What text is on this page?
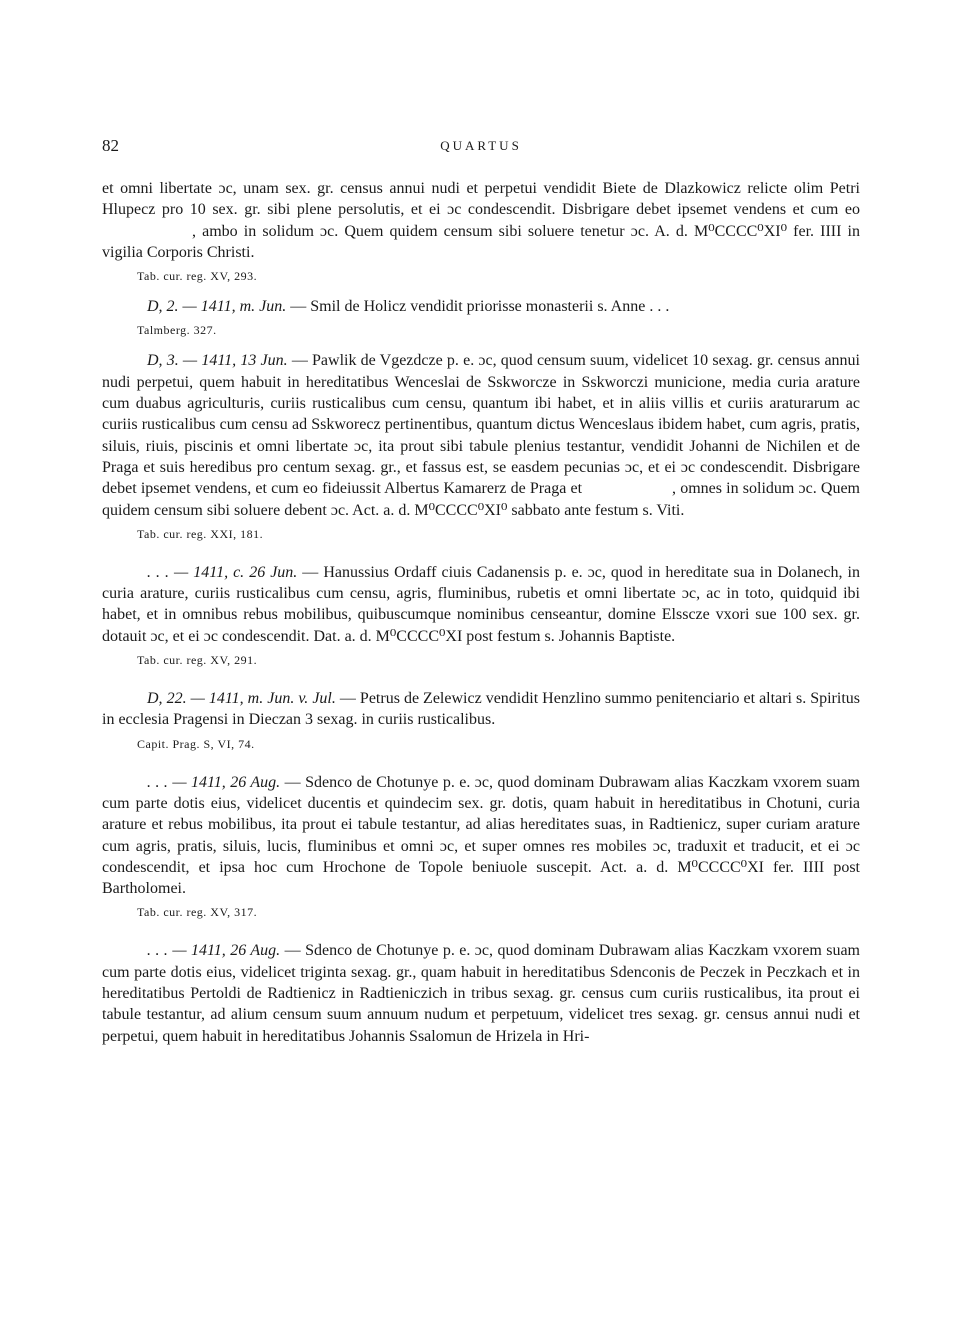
82	QUARTUS

et omni libertate ɔc, unam sex. gr. census annui nudi et perpetui vendidit Biete de Dlazkowicz relicte olim Petri Hlupecz pro 10 sex. gr. sibi plene persolutis, et ei ɔc condescendit. Disbrigare debet ipsemet vendens et cum eo, ambo in solidum ɔc. Quem quidem censum sibi soluere tenetur ɔc. A. d. M⁰CCCC⁰XI⁰ fer. IIII in vigilia Corporis Christi.

Tab. cur. reg. XV, 293.

D, 2. — 1411, m. Jun. — Smil de Holicz vendidit priorisse monasterii s. Anne . . .

Talmberg. 327.

D, 3. — 1411, 13 Jun. — Pawlik de Vgezdcze p. e. ɔc, quod censum suum, videlicet 10 sexag. gr. census annui nudi perpetui, quem habuit in hereditatibus Wenceslai de Sskworcze in Sskworczi municione, media curia arature cum duabus agriculturis, curiis rusticalibus cum censu, quantum ibi habet, et in aliis villis et curiis araturarum ac curiis rusticalibus cum censu ad Sskworecz pertinentibus, quantum dictus Wenceslaus ibidem habet, cum agris, pratis, siluis, riuis, piscinis et omni libertate ɔc, ita prout sibi tabule plenius testantur, vendidit Johanni de Nichilen et de Praga et suis heredibus pro centum sexag. gr., et fassus est, se easdem pecunias ɔc, et ei ɔc condescendit. Disbrigare debet ipsemet vendens, et cum eo fideiussit Albertus Kamarerz de Praga et	, omnes in solidum ɔc. Quem quidem censum sibi soluere debent ɔc. Act. a. d. M⁰CCCC⁰XI⁰ sabbato ante festum s. Viti.

Tab. cur. reg. XXI, 181.

. . . — 1411, c. 26 Jun. — Hanussius Ordaff ciuis Cadanensis p. e. ɔc, quod in hereditate sua in Dolanech, in curia arature, curiis rusticalibus cum censu, agris, fluminibus, rubetis et omni libertate ɔc, ac in toto, quidquid ibi habet, et in omnibus rebus mobilibus, quibuscumque nominibus censeantur, domine Elsscze vxori sue 100 sex. gr. dotauit ɔc, et ei ɔc condescendit. Dat. a. d. M⁰CCCC⁰XI post festum s. Johannis Baptiste.

Tab. cur. reg. XV, 291.

D, 22. — 1411, m. Jun. v. Jul. — Petrus de Zelewicz vendidit Henzlino summo penitenciario et altari s. Spiritus in ecclesia Pragensi in Dieczan 3 sexag. in curiis rusticalibus.

Capit. Prag. S, VI, 74.

. . . — 1411, 26 Aug. — Sdenco de Chotunye p. e. ɔc, quod dominam Dubrawam alias Kaczkam vxorem suam cum parte dotis eius, videlicet ducentis et quindecim sex. gr. dotis, quam habuit in hereditatibus in Chotuni, curia arature et rebus mobilibus, ita prout ei tabule testantur, ad alias hereditates suas, in Radtienicz, super curiam arature cum agris, pratis, siluis, lucis, fluminibus et omni ɔc, et super omnes res mobiles ɔc, traduxit et traducit, et ei ɔc condescendit, et ipsa hoc cum Hrochone de Topole beniuole suscepit. Act. a. d. M⁰CCCC⁰XI fer. IIII post Bartholomei.

Tab. cur. reg. XV, 317.

. . . — 1411, 26 Aug. — Sdenco de Chotunye p. e. ɔc, quod dominam Dubrawam alias Kaczkam vxorem suam cum parte dotis eius, videlicet triginta sexag. gr., quam habuit in hereditatibus Sdenconis de Peczek in Peczkach et in hereditatibus Pertoldi de Radtienicz in Radtieniczich in tribus sexag. gr. census cum curiis rusticalibus, ita prout ei tabule testantur, ad alium censum suum annuum nudum et perpetuum, videlicet tres sexag. gr. census annui nudi et perpetui, quem habuit in hereditatibus Johannis Ssalomun de Hrizela in Hri-
